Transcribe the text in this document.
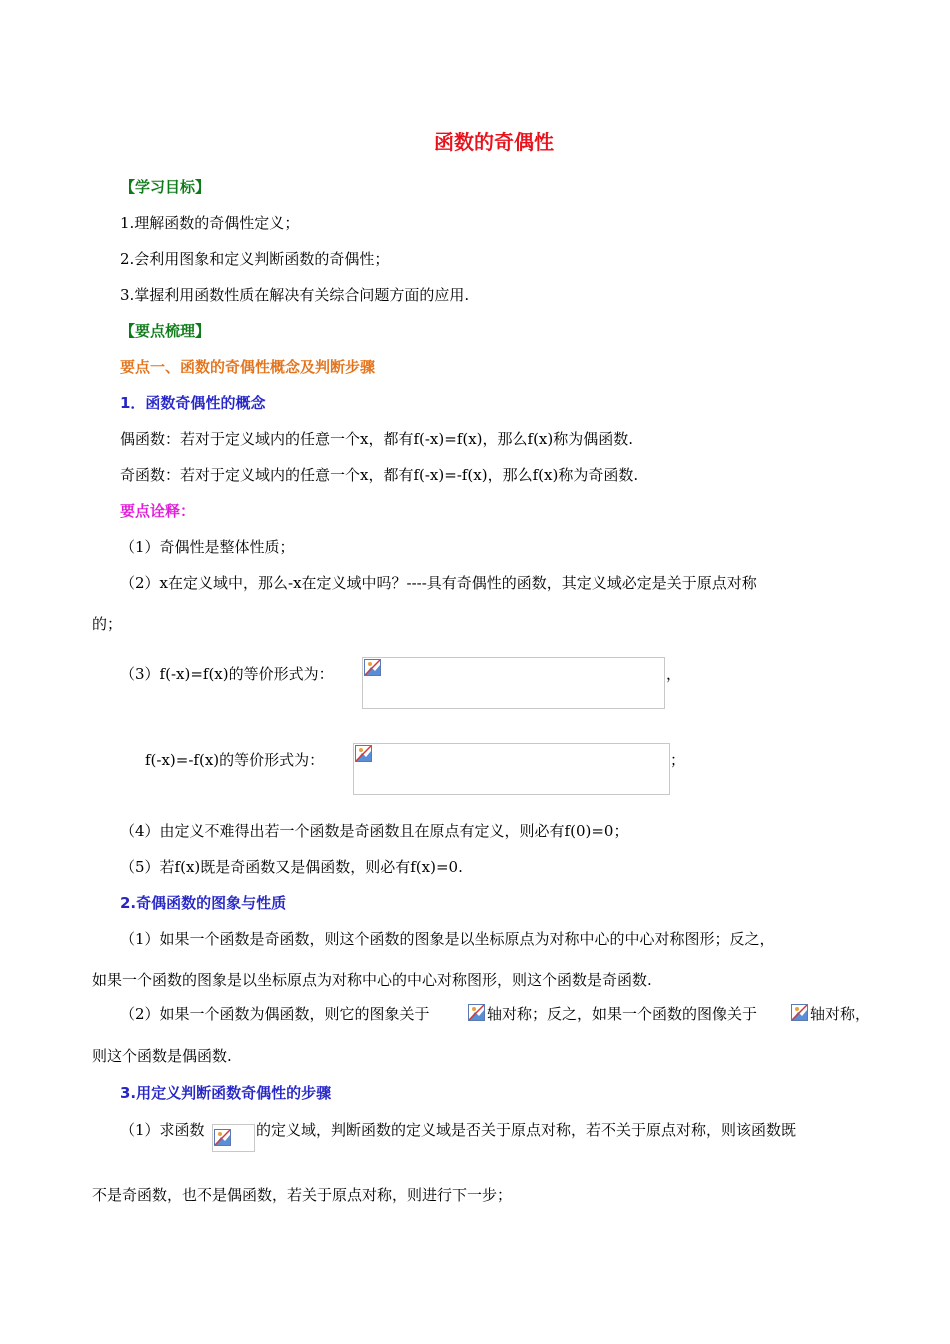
函数的奇偶性
【学习目标】
1.理解函数的奇偶性定义；
2.会利用图象和定义判断函数的奇偶性；
3.掌握利用函数性质在解决有关综合问题方面的应用.
【要点梳理】
要点一、函数的奇偶性概念及判断步骤
1．函数奇偶性的概念
偶函数：若对于定义域内的任意一个x，都有f(-x)=f(x)，那么f(x)称为偶函数.
奇函数：若对于定义域内的任意一个x，都有f(-x)=-f(x)，那么f(x)称为奇函数.
要点诠释：
（1）奇偶性是整体性质；
（2）x在定义域中，那么-x在定义域中吗？----具有奇偶性的函数，其定义域必定是关于原点对称
的；
（3）f(-x)=f(x)的等价形式为：	，
f(-x)=-f(x)的等价形式为：	；
（4）由定义不难得出若一个函数是奇函数且在原点有定义，则必有f(0)=0；
（5）若f(x)既是奇函数又是偶函数，则必有f(x)=0.
2.奇偶函数的图象与性质
（1）如果一个函数是奇函数，则这个函数的图象是以坐标原点为对称中心的中心对称图形；反之，
如果一个函数的图象是以坐标原点为对称中心的中心对称图形，则这个函数是奇函数.
（2）如果一个函数为偶函数，则它的图象关于	轴对称；反之，如果一个函数的图像关于	轴对称，
则这个函数是偶函数.
3.用定义判断函数奇偶性的步骤
（1）求函数	的定义域，判断函数的定义域是否关于原点对称，若不关于原点对称，则该函数既
不是奇函数，也不是偶函数，若关于原点对称，则进行下一步；
